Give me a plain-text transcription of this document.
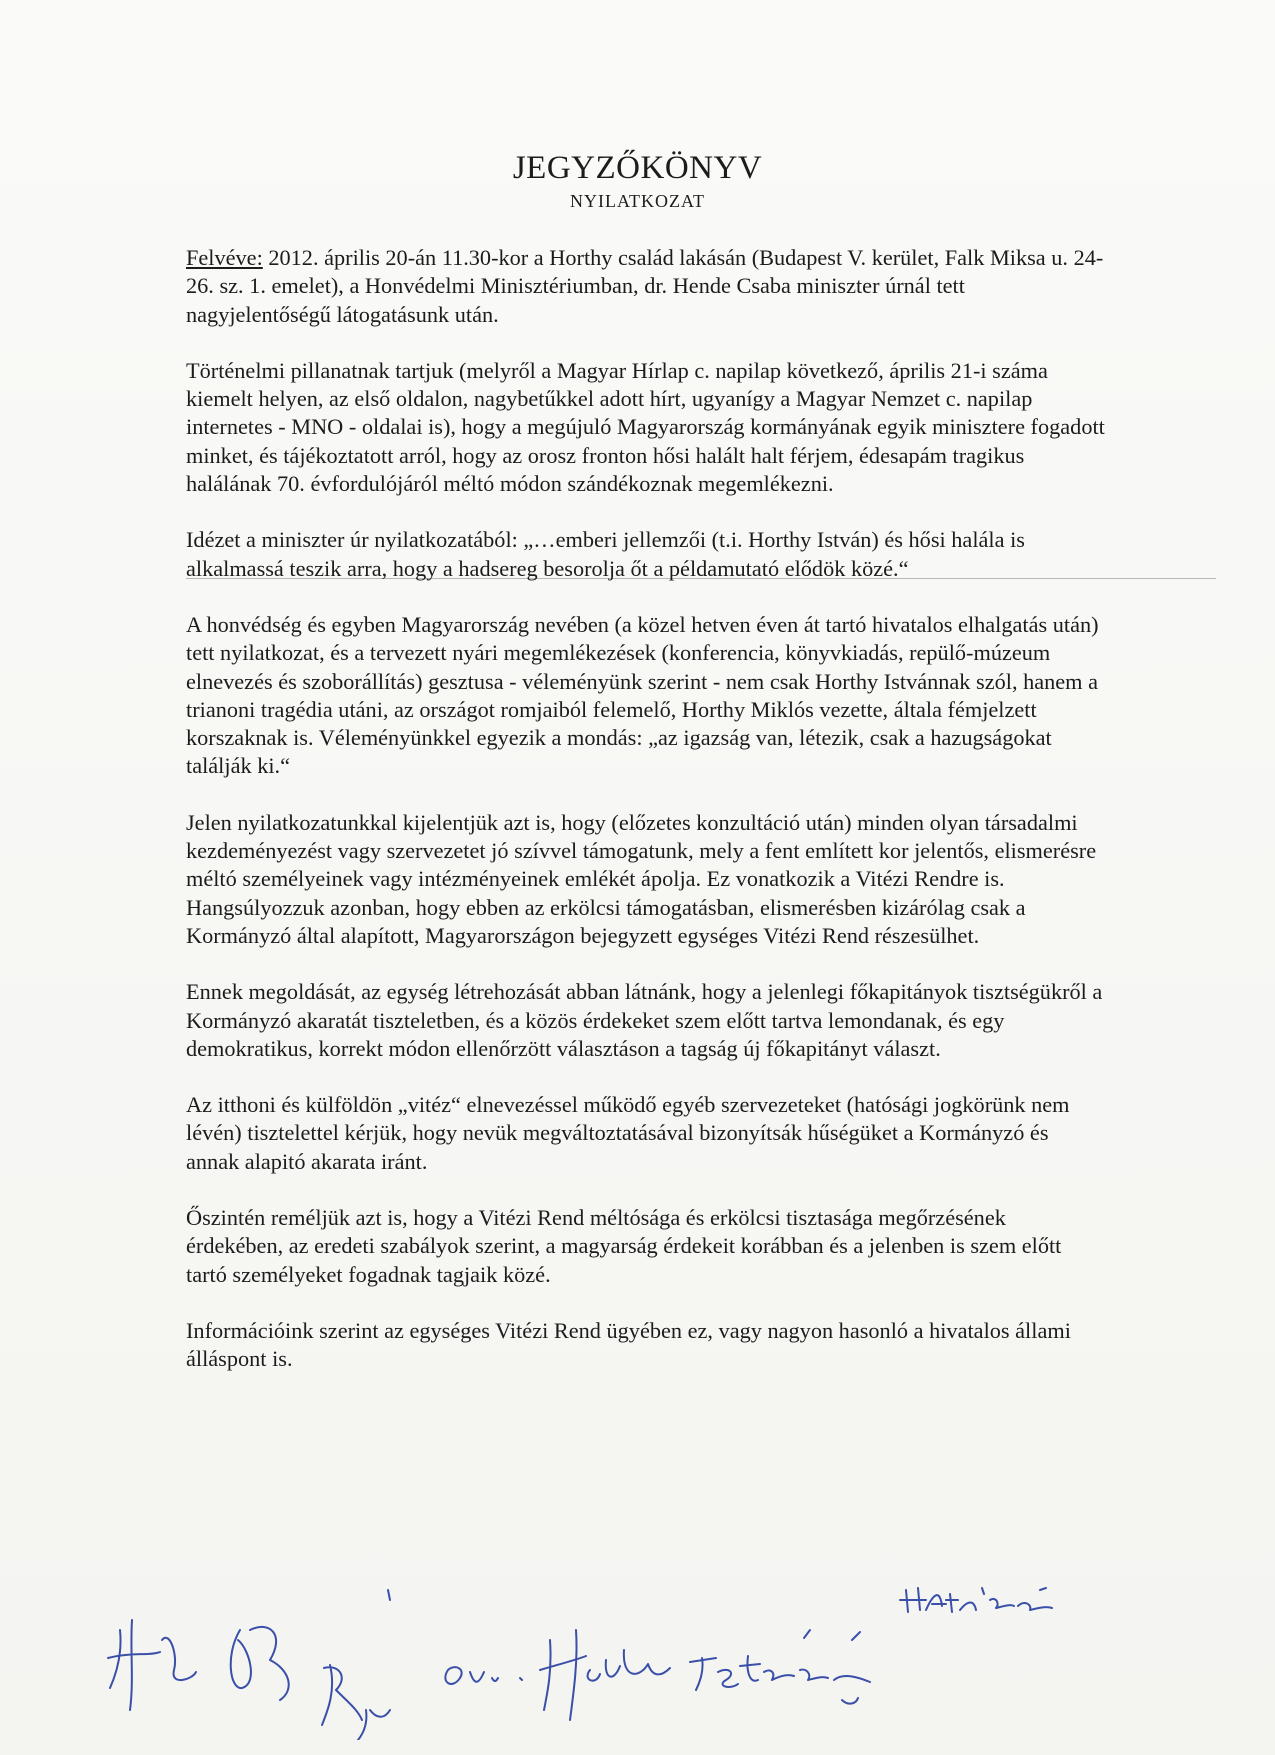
JEGYZŐKÖNYV
NYILATKOZAT

Felvéve: 2012. április 20-án 11.30-kor a Horthy család lakásán (Budapest V. kerület, Falk Miksa u. 24-26. sz. 1. emelet), a Honvédelmi Minisztériumban, dr. Hende Csaba miniszter úrnál tett nagyjelentőségű látogatásunk után.

Történelmi pillanatnak tartjuk (melyről a Magyar Hírlap c. napilap következő, április 21-i száma kiemelt helyen, az első oldalon, nagybetűkkel adott hírt, ugyanígy a Magyar Nemzet c. napilap internetes - MNO - oldalai is), hogy a megújuló Magyarország kormányának egyik minisztere fogadott minket, és tájékoztatott arról, hogy az orosz fronton hősi halált halt férjem, édesapám tragikus halálának 70. évfordulójáról méltó módon szándékoznak megemlékezni.

Idézet a miniszter úr nyilatkozatából: „…emberi jellemzői (t.i. Horthy István) és hősi halála is alkalmassá teszik arra, hogy a hadsereg besorolja őt a példamutató elődök közé.“

A honvédség és egyben Magyarország nevében (a közel hetven éven át tartó hivatalos elhalgatás után) tett nyilatkozat, és a tervezett nyári megemlékezések (konferencia, könyvkiadás, repülő-múzeum elnevezés és szoborállítás) gesztusa - véleményünk szerint - nem csak Horthy Istvánnak szól, hanem a trianoni tragédia utáni, az országot romjaiból felemelő, Horthy Miklós vezette, általa fémjelzett korszaknak is. Véleményünkkel egyezik a mondás: „az igazság van, létezik, csak a hazugságokat találják ki.“

Jelen nyilatkozatunkkal kijelentjük azt is, hogy (előzetes konzultáció után) minden olyan társadalmi kezdeményezést vagy szervezetet jó szívvel támogatunk, mely a fent említett kor jelentős, elismerésre méltó személyeinek vagy intézményeinek emlékét ápolja. Ez vonatkozik a Vitézi Rendre is. Hangsúlyozzuk azonban, hogy ebben az erkölcsi támogatásban, elismerésben kizárólag csak a Kormányzó által alapított, Magyarországon bejegyzett egységes Vitézi Rend részesülhet.

Ennek megoldását, az egység létrehozását abban látnánk, hogy a jelenlegi főkapitányok tisztségükről a Kormányzó akaratát tiszteletben, és a közös érdekeket szem előtt tartva lemondanak, és egy demokratikus, korrekt módon ellenőrzött választáson a tagság új főkapitányt választ.

Az itthoni és külföldön „vitéz“ elnevezéssel működő egyéb szervezeteket (hatósági jogkörünk nem lévén) tisztelettel kérjük, hogy nevük megváltoztatásával bizonyítsák hűségüket a Kormányzó és annak alapitó akarata iránt.

Őszintén reméljük azt is, hogy a Vitézi Rend méltósága és erkölcsi tisztasága megőrzésének érdekében, az eredeti szabályok szerint, a magyarság érdekeit korábban és a jelenben is szem előtt tartó személyeket fogadnak tagjaik közé.

Információink szerint az egységes Vitézi Rend ügyében ez, vagy nagyon hasonló a hivatalos állami álláspont is.
